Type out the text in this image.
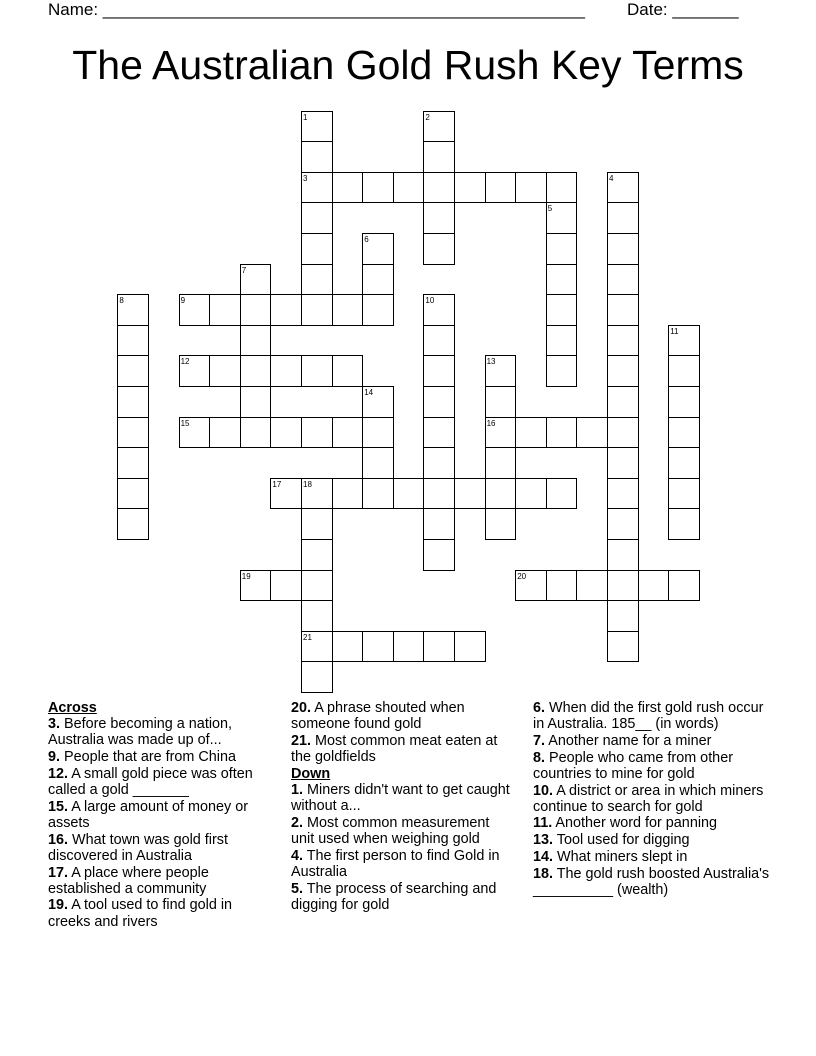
Name: ___________________________________________________ Date: _______
The Australian Gold Rush Key Terms
3
9
12
15	16
17	18
19	20
21
1	2
4
5
6
7
8	10
11
13
14
Across
3. Before becoming a nation, Australia was made up of...
9. People that are from China
12. A small gold piece was often called a gold _______
15. A large amount of money or assets
16. What town was gold first discovered in Australia
17. A place where people established a community
19. A tool used to find gold in creeks and rivers
20. A phrase shouted when someone found gold
21. Most common meat eaten at the goldfields
Down
1. Miners didn't want to get caught without a...
2. Most common measurement unit used when weighing gold
4. The first person to find Gold in Australia
5. The process of searching and digging for gold
6. When did the first gold rush occur in Australia. 185__ (in words)
7. Another name for a miner
8. People who came from other countries to mine for gold
10. A district or area in which miners continue to search for gold
11. Another word for panning
13. Tool used for digging
14. What miners slept in
18. The gold rush boosted Australia's __________ (wealth)
